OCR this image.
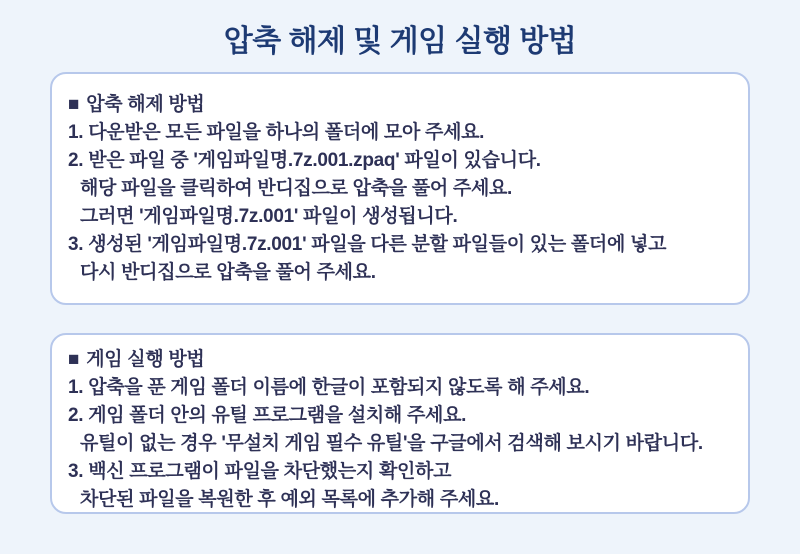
압축 해제 및 게임 실행 방법
■ 압축 해제 방법
1. 다운받은 모든 파일을 하나의 폴더에 모아 주세요.
2. 받은 파일 중 '게임파일명.7z.001.zpaq' 파일이 있습니다.
해당 파일을 클릭하여 반디집으로 압축을 풀어 주세요.
그러면 '게임파일명.7z.001' 파일이 생성됩니다.
3. 생성된 '게임파일명.7z.001' 파일을 다른 분할 파일들이 있는 폴더에 넣고
다시 반디집으로 압축을 풀어 주세요.
■ 게임 실행 방법
1. 압축을 푼 게임 폴더 이름에 한글이 포함되지 않도록 해 주세요.
2. 게임 폴더 안의 유틸 프로그램을 설치해 주세요.
유틸이 없는 경우 '무설치 게임 필수 유틸'을 구글에서 검색해 보시기 바랍니다.
3. 백신 프로그램이 파일을 차단했는지 확인하고
차단된 파일을 복원한 후 예외 목록에 추가해 주세요.
